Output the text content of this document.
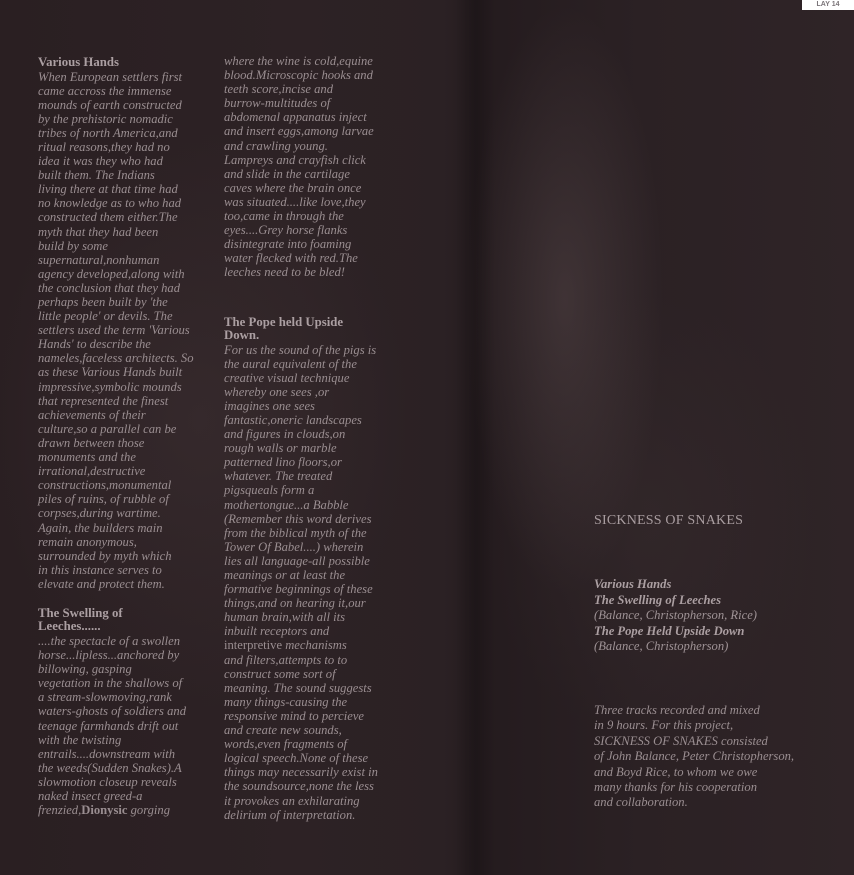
LAY 14
Various Hands

When European settlers first

came accross the immense

mounds of earth constructed

by the prehistoric nomadic

tribes of north America,and

ritual reasons,they had no

idea it was they who had

built them. The Indians

living there at that time had

no knowledge as to who had

constructed them either.The

myth that they had been

build by some

supernatural,nonhuman

agency developed,along with

the conclusion that they had

perhaps been built by 'the

little people' or devils. The

settlers used the term 'Various

Hands' to describe the

nameles,faceless architects. So

as these Various Hands built

impressive,symbolic mounds

that represented the finest

achievements of their

culture,so a parallel can be

drawn between those

monuments and the

irrational,destructive

constructions,monumental

piles of ruins, of rubble of

corpses,during wartime.

Again, the builders main

remain anonymous,

surrounded by myth which

in this instance serves to

elevate and protect them.

The Swelling of
Leeches......

....the spectacle of a swollen

horse...lipless...anchored by

billowing, gasping

vegetation in the shallows of

a stream-slowmoving,rank

waters-ghosts of soldiers and

teenage farmhands drift out

with the twisting

entrails....downstream with

the weeds(Sudden Snakes).A

slowmotion closeup reveals

naked insect greed-a

frenzied,Dionysic gorging

where the wine is cold,equine

blood.Microscopic hooks and

teeth score,incise and

burrow-multitudes of

abdomenal appanatus inject

and insert eggs,among larvae

and crawling young.

Lampreys and crayfish click

and slide in the cartilage

caves where the brain once

was situated....like love,they

too,came in through the

eyes....Grey horse flanks

disintegrate into foaming

water flecked with red.The

leeches need to be bled!

The Pope held Upside
Down.

For us the sound of the pigs is

the aural equivalent of the

creative visual technique

whereby one sees ,or

imagines one sees

fantastic,oneric landscapes

and figures in clouds,on

rough walls or marble

patterned lino floors,or

whatever. The treated

pigsqueals form a

mothertongue...a Babble

(Remember this word derives

from the biblical myth of the

Tower Of Babel....) wherein

lies all language-all possible

meanings or at least the

formative beginnings of these

things,and on hearing it,our

human brain,with all its

inbuilt receptors and

interpretive mechanisms

and filters,attempts to to

construct some sort of

meaning. The sound suggests

many things-causing the

responsive mind to percieve

and create new sounds,

words,even fragments of

logical speech.None of these

things may necessarily exist in

the soundsource,none the less

it provokes an exhilarating

delirium of interpretation.

SICKNESS OF SNAKES
Various Hands
The Swelling of Leeches
(Balance, Christopherson, Rice)
The Pope Held Upside Down
(Balance, Christopherson)

Three tracks recorded and mixed

in 9 hours. For this project,

SICKNESS OF SNAKES consisted

of John Balance, Peter Christopherson,

and Boyd Rice, to whom we owe

many thanks for his cooperation

and collaboration.
